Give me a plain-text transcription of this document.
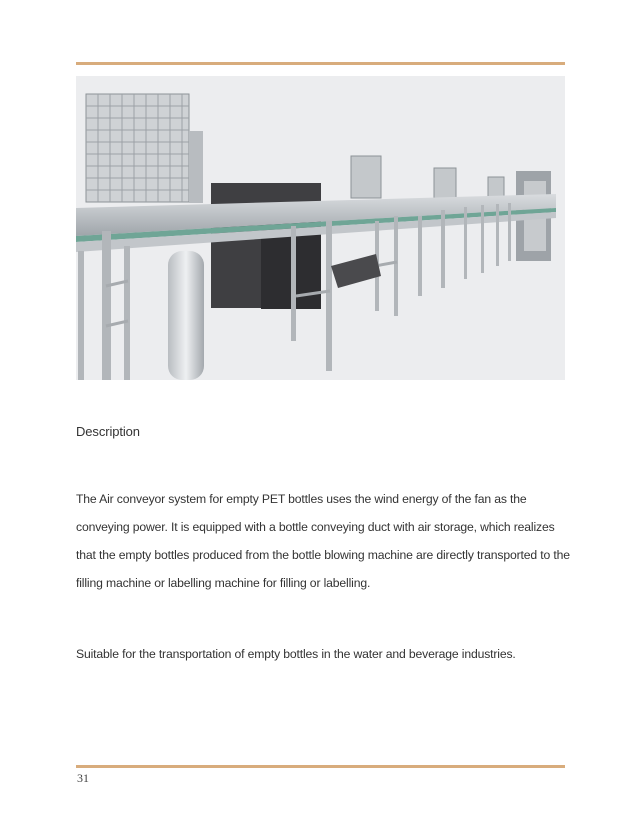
Description

The Air conveyor system for empty PET bottles uses the wind energy of the fan as the conveying power. It is equipped with a bottle conveying duct with air storage, which realizes that the empty bottles produced from the bottle blowing machine are directly transported to the filling machine or labelling machine for filling or labelling.

Suitable for the transportation of empty bottles in the water and beverage industries.

31
